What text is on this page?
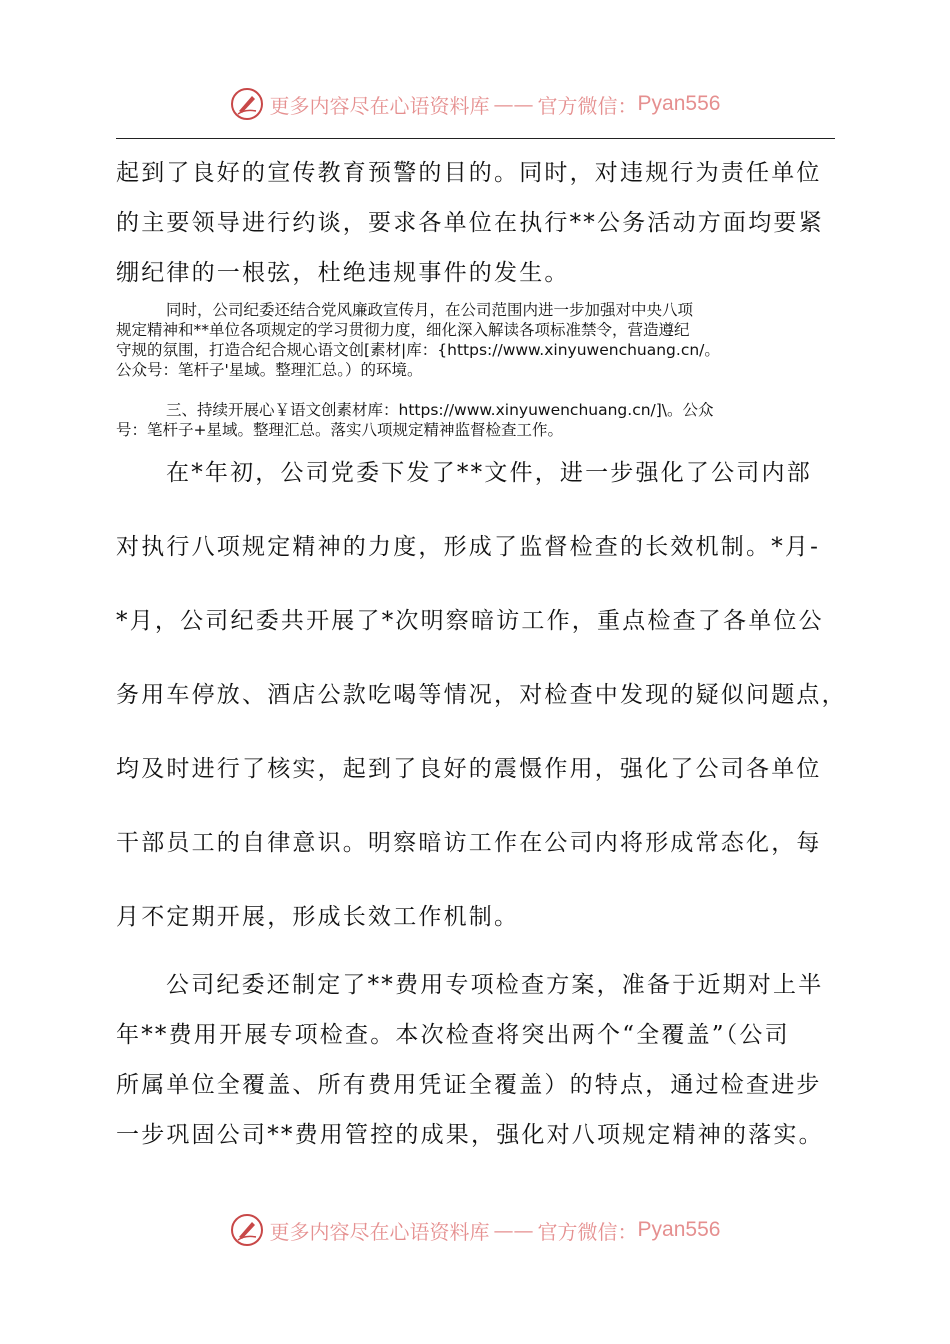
更多内容尽在心语资料库 —— 官方微信： Pyan556

起到了良好的宣传教育预警的目的。同时，对违规行为责任单位
的主要领导进行约谈，要求各单位在执行**公务活动方面均要紧
绷纪律的一根弦，杜绝违规事件的发生。

同时，公司纪委还结合党风廉政宣传月，在公司范围内进一步加强对中央八项
规定精神和**单位各项规定的学习贯彻力度，细化深入解读各项标准禁令，营造遵纪
守规的氛围，打造合纪合规心语文创[素材|库：{https://www.xinyuwenchuang.cn/。
公众号：笔杆子'星域。整理汇总。）的环境。

三、持续开展心￥语文创素材库：https://www.xinyuwenchuang.cn/]\。公众
号：笔杆子+星域。整理汇总。落实八项规定精神监督检查工作。

在*年初，公司党委下发了**文件，进一步强化了公司内部
对执行八项规定精神的力度，形成了监督检查的长效机制。*月-
*月，公司纪委共开展了*次明察暗访工作，重点检查了各单位公
务用车停放、酒店公款吃喝等情况，对检查中发现的疑似问题点，
均及时进行了核实，起到了良好的震慑作用，强化了公司各单位
干部员工的自律意识。明察暗访工作在公司内将形成常态化，每
月不定期开展，形成长效工作机制。

公司纪委还制定了**费用专项检查方案，准备于近期对上半
年**费用开展专项检查。本次检查将突出两个“全覆盖”（公司
所属单位全覆盖、所有费用凭证全覆盖）的特点，通过检查进步
一步巩固公司**费用管控的成果，强化对八项规定精神的落实。

更多内容尽在心语资料库 —— 官方微信： Pyan556
